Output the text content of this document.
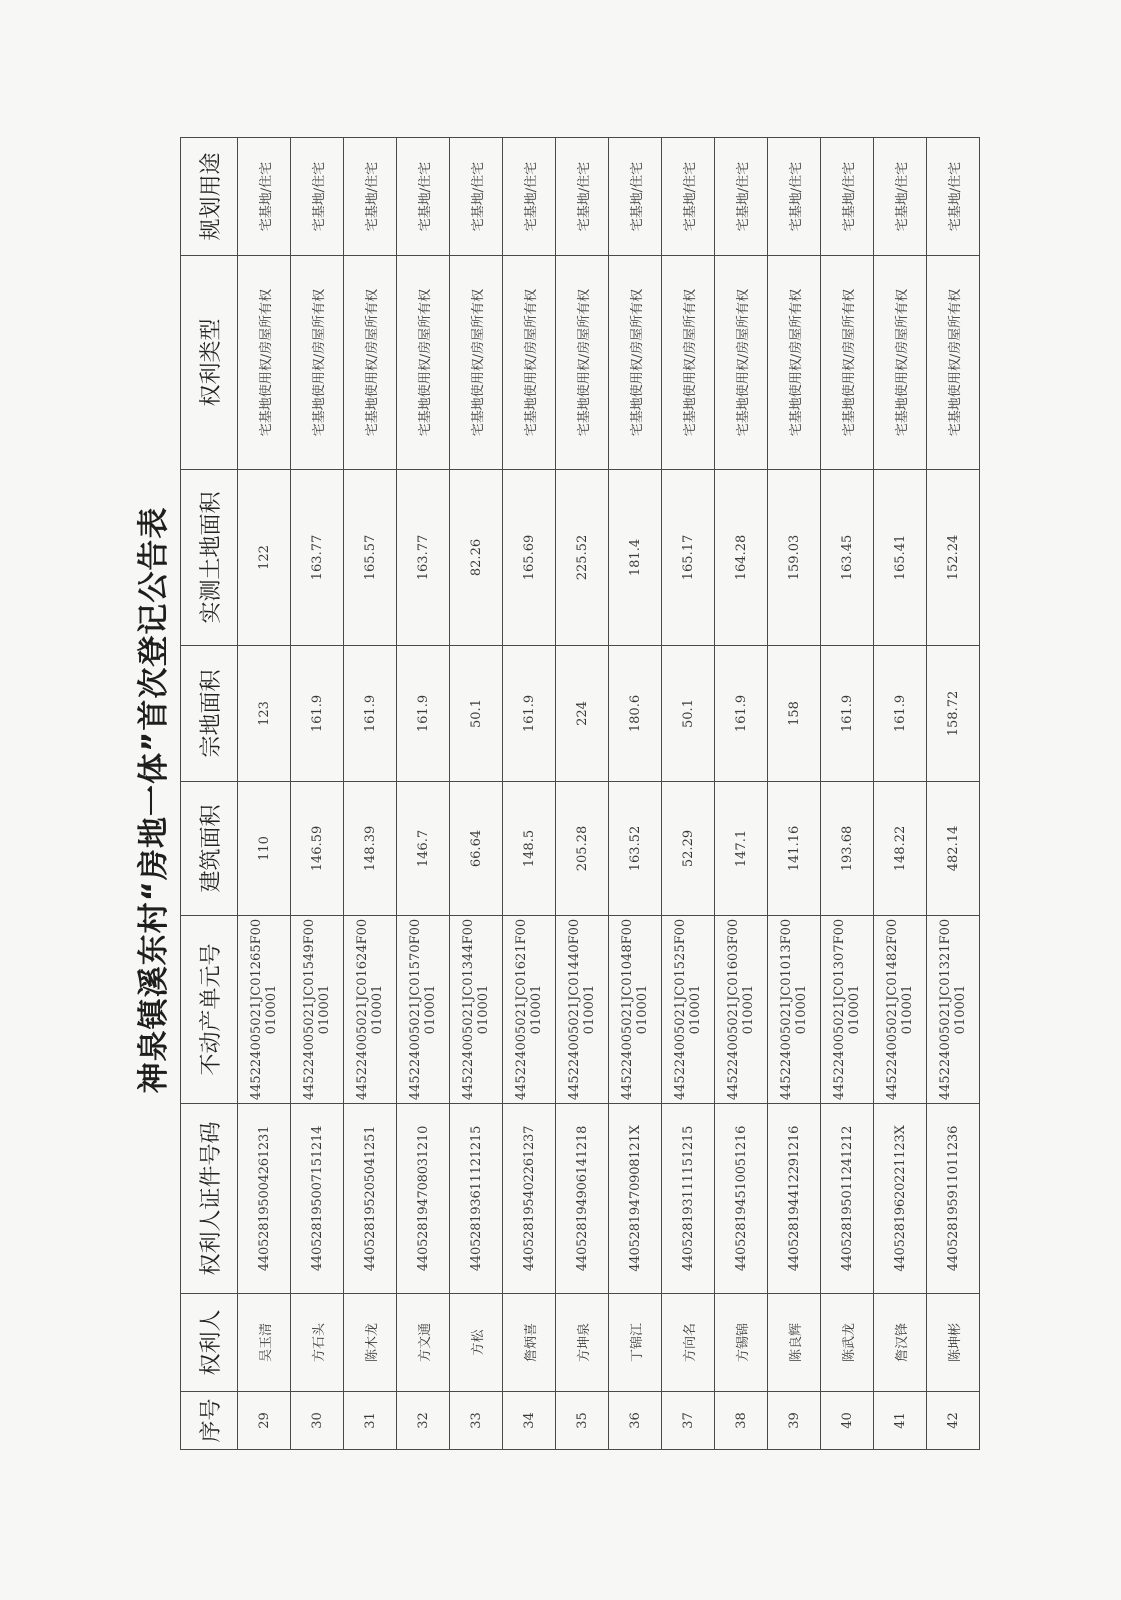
神泉镇溪东村“房地一体”首次登记公告表
序号	权利人	权利人证件号码	不动产单元号	建筑面积	宗地面积	实测土地面积	权利类型	规划用途
29	吴玉清	440528195004261231	445224005021JC01265F00010001	110	123	122	宅基地使用权/房屋所有权	宅基地/住宅
30	方石头	440528195007151214	445224005021JC01549F00010001	146.59	161.9	163.77	宅基地使用权/房屋所有权	宅基地/住宅
31	陈木龙	440528195205041251	445224005021JC01624F00010001	148.39	161.9	165.57	宅基地使用权/房屋所有权	宅基地/住宅
32	方文通	440528194708031210	445224005021JC01570F00010001	146.7	161.9	163.77	宅基地使用权/房屋所有权	宅基地/住宅
33	方松	440528193611121215	445224005021JC01344F00010001	66.64	50.1	82.26	宅基地使用权/房屋所有权	宅基地/住宅
34	詹炳喜	440528195402261237	445224005021JC01621F00010001	148.5	161.9	165.69	宅基地使用权/房屋所有权	宅基地/住宅
35	方坤泉	440528194906141218	445224005021JC01440F00010001	205.28	224	225.52	宅基地使用权/房屋所有权	宅基地/住宅
36	丁锦江	44052819470908121X	445224005021JC01048F00010001	163.52	180.6	181.4	宅基地使用权/房屋所有权	宅基地/住宅
37	方向名	440528193111151215	445224005021JC01525F00010001	52.29	50.1	165.17	宅基地使用权/房屋所有权	宅基地/住宅
38	方锡锦	440528194510051216	445224005021JC01603F00010001	147.1	161.9	164.28	宅基地使用权/房屋所有权	宅基地/住宅
39	陈良辉	440528194412291216	445224005021JC01013F00010001	141.16	158	159.03	宅基地使用权/房屋所有权	宅基地/住宅
40	陈武龙	440528195011241212	445224005021JC01307F00010001	193.68	161.9	163.45	宅基地使用权/房屋所有权	宅基地/住宅
41	詹汉锋	44052819620221123X	445224005021JC01482F00010001	148.22	161.9	165.41	宅基地使用权/房屋所有权	宅基地/住宅
42	陈坤彬	440528195911011236	445224005021JC01321F00010001	482.14	158.72	152.24	宅基地使用权/房屋所有权	宅基地/住宅
